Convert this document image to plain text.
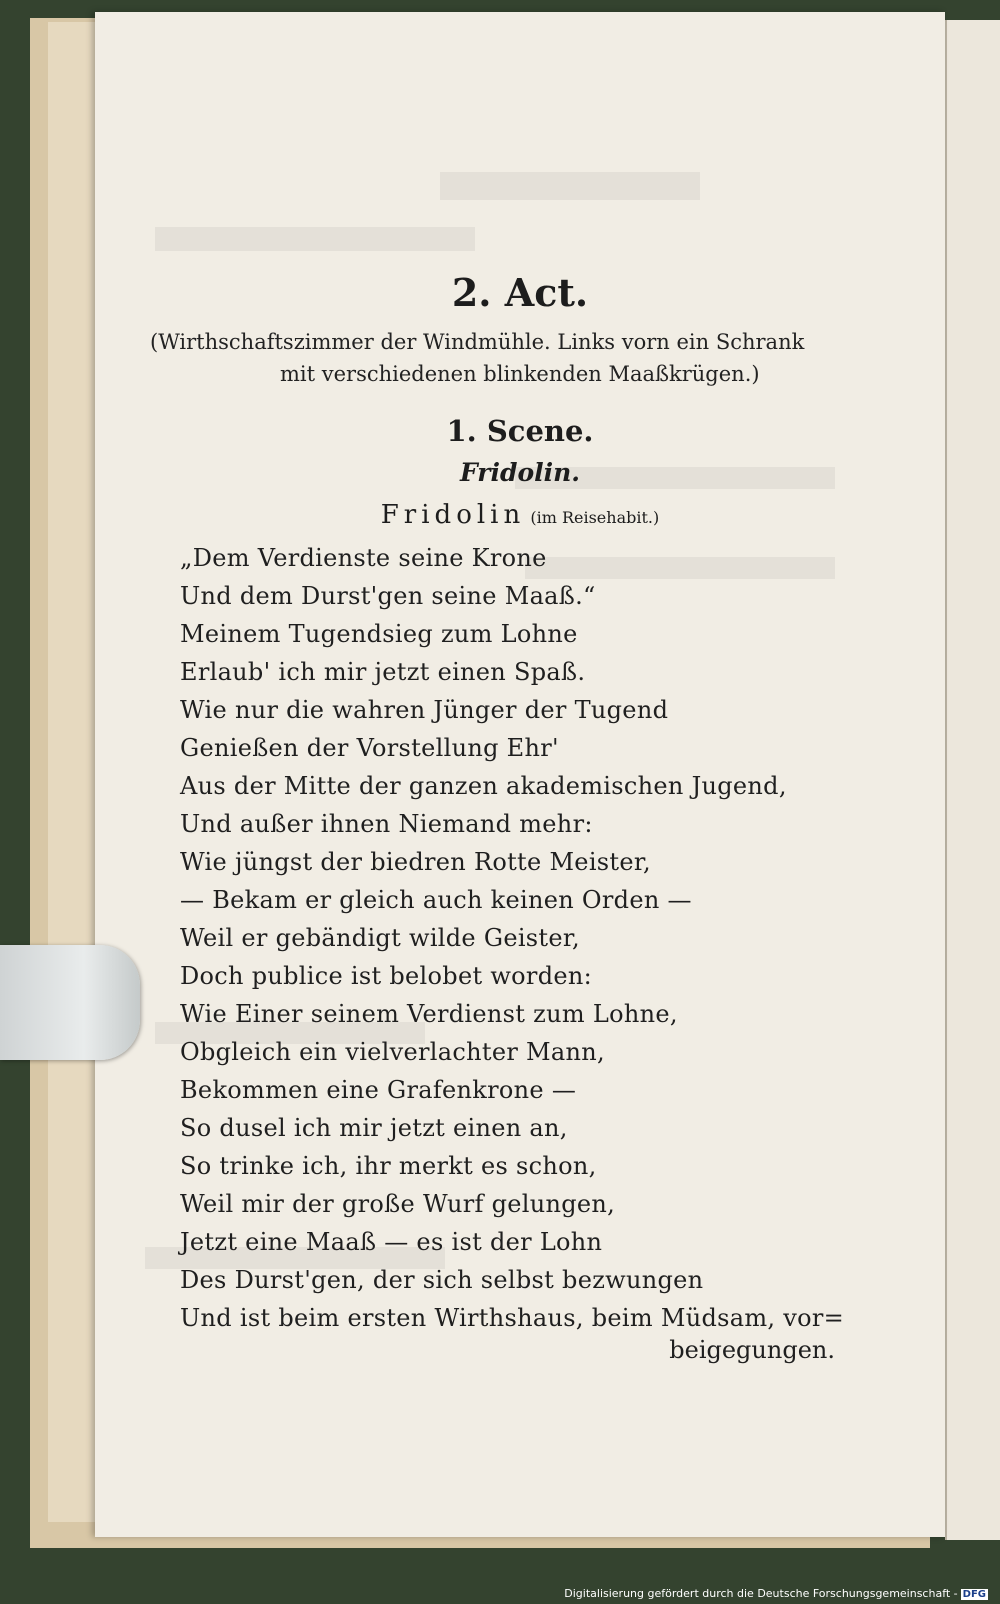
2. Act.
(Wirthschaftszimmer der Windmühle. Links vorn ein Schrank
mit verschiedenen blinkenden Maaßkrügen.)
1. Scene.
Fridolin.
Fridolin (im Reisehabit.)
„Dem Verdienste seine Krone
Und dem Durst'gen seine Maaß.“
Meinem Tugendsieg zum Lohne
Erlaub' ich mir jetzt einen Spaß.
Wie nur die wahren Jünger der Tugend
Genießen der Vorstellung Ehr'
Aus der Mitte der ganzen akademischen Jugend,
Und außer ihnen Niemand mehr:
Wie jüngst der biedren Rotte Meister,
— Bekam er gleich auch keinen Orden —
Weil er gebändigt wilde Geister,
Doch publice ist belobet worden:
Wie Einer seinem Verdienst zum Lohne,
Obgleich ein vielverlachter Mann,
Bekommen eine Grafenkrone —
So dusel ich mir jetzt einen an,
So trinke ich, ihr merkt es schon,
Weil mir der große Wurf gelungen,
Jetzt eine Maaß — es ist der Lohn
Des Durst'gen, der sich selbst bezwungen
Und ist beim ersten Wirthshaus, beim Müdsam, vor=
beigegungen.
Digitalisierung gefördert durch die Deutsche Forschungsgemeinschaft - DFG
